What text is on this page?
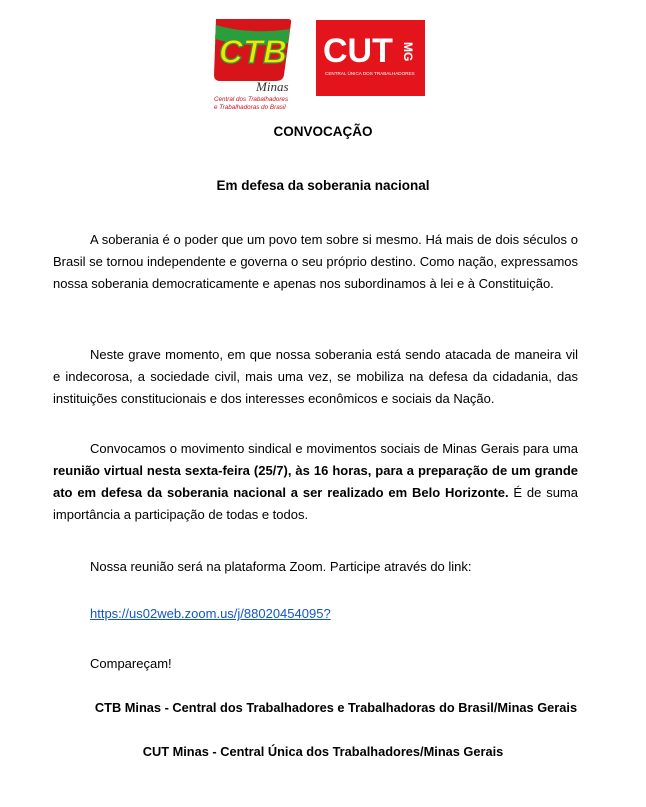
CTB
Minas
Central dos Trabalhadores
e Trabalhadoras do Brasil
CUT MG
CENTRAL ÚNICA DOS TRABALHADORES
CONVOCAÇÃO
Em defesa da soberania nacional
A soberania é o poder que um povo tem sobre si mesmo. Há mais de dois séculos o Brasil se tornou independente e governa o seu próprio destino. Como nação, expressamos nossa soberania democraticamente e apenas nos subordinamos à lei e à Constituição.
Neste grave momento, em que nossa soberania está sendo atacada de maneira vil e indecorosa, a sociedade civil, mais uma vez, se mobiliza na defesa da cidadania, das instituições constitucionais e dos interesses econômicos e sociais da Nação.
Convocamos o movimento sindical e movimentos sociais de Minas Gerais para uma reunião virtual nesta sexta-feira (25/7), às 16 horas, para a preparação de um grande ato em defesa da soberania nacional a ser realizado em Belo Horizonte. É de suma importância a participação de todas e todos.
Nossa reunião será na plataforma Zoom. Participe através do link:
https://us02web.zoom.us/j/88020454095?
Compareçam!
CTB Minas - Central dos Trabalhadores e Trabalhadoras do Brasil/Minas Gerais
CUT Minas - Central Única dos Trabalhadores/Minas Gerais
